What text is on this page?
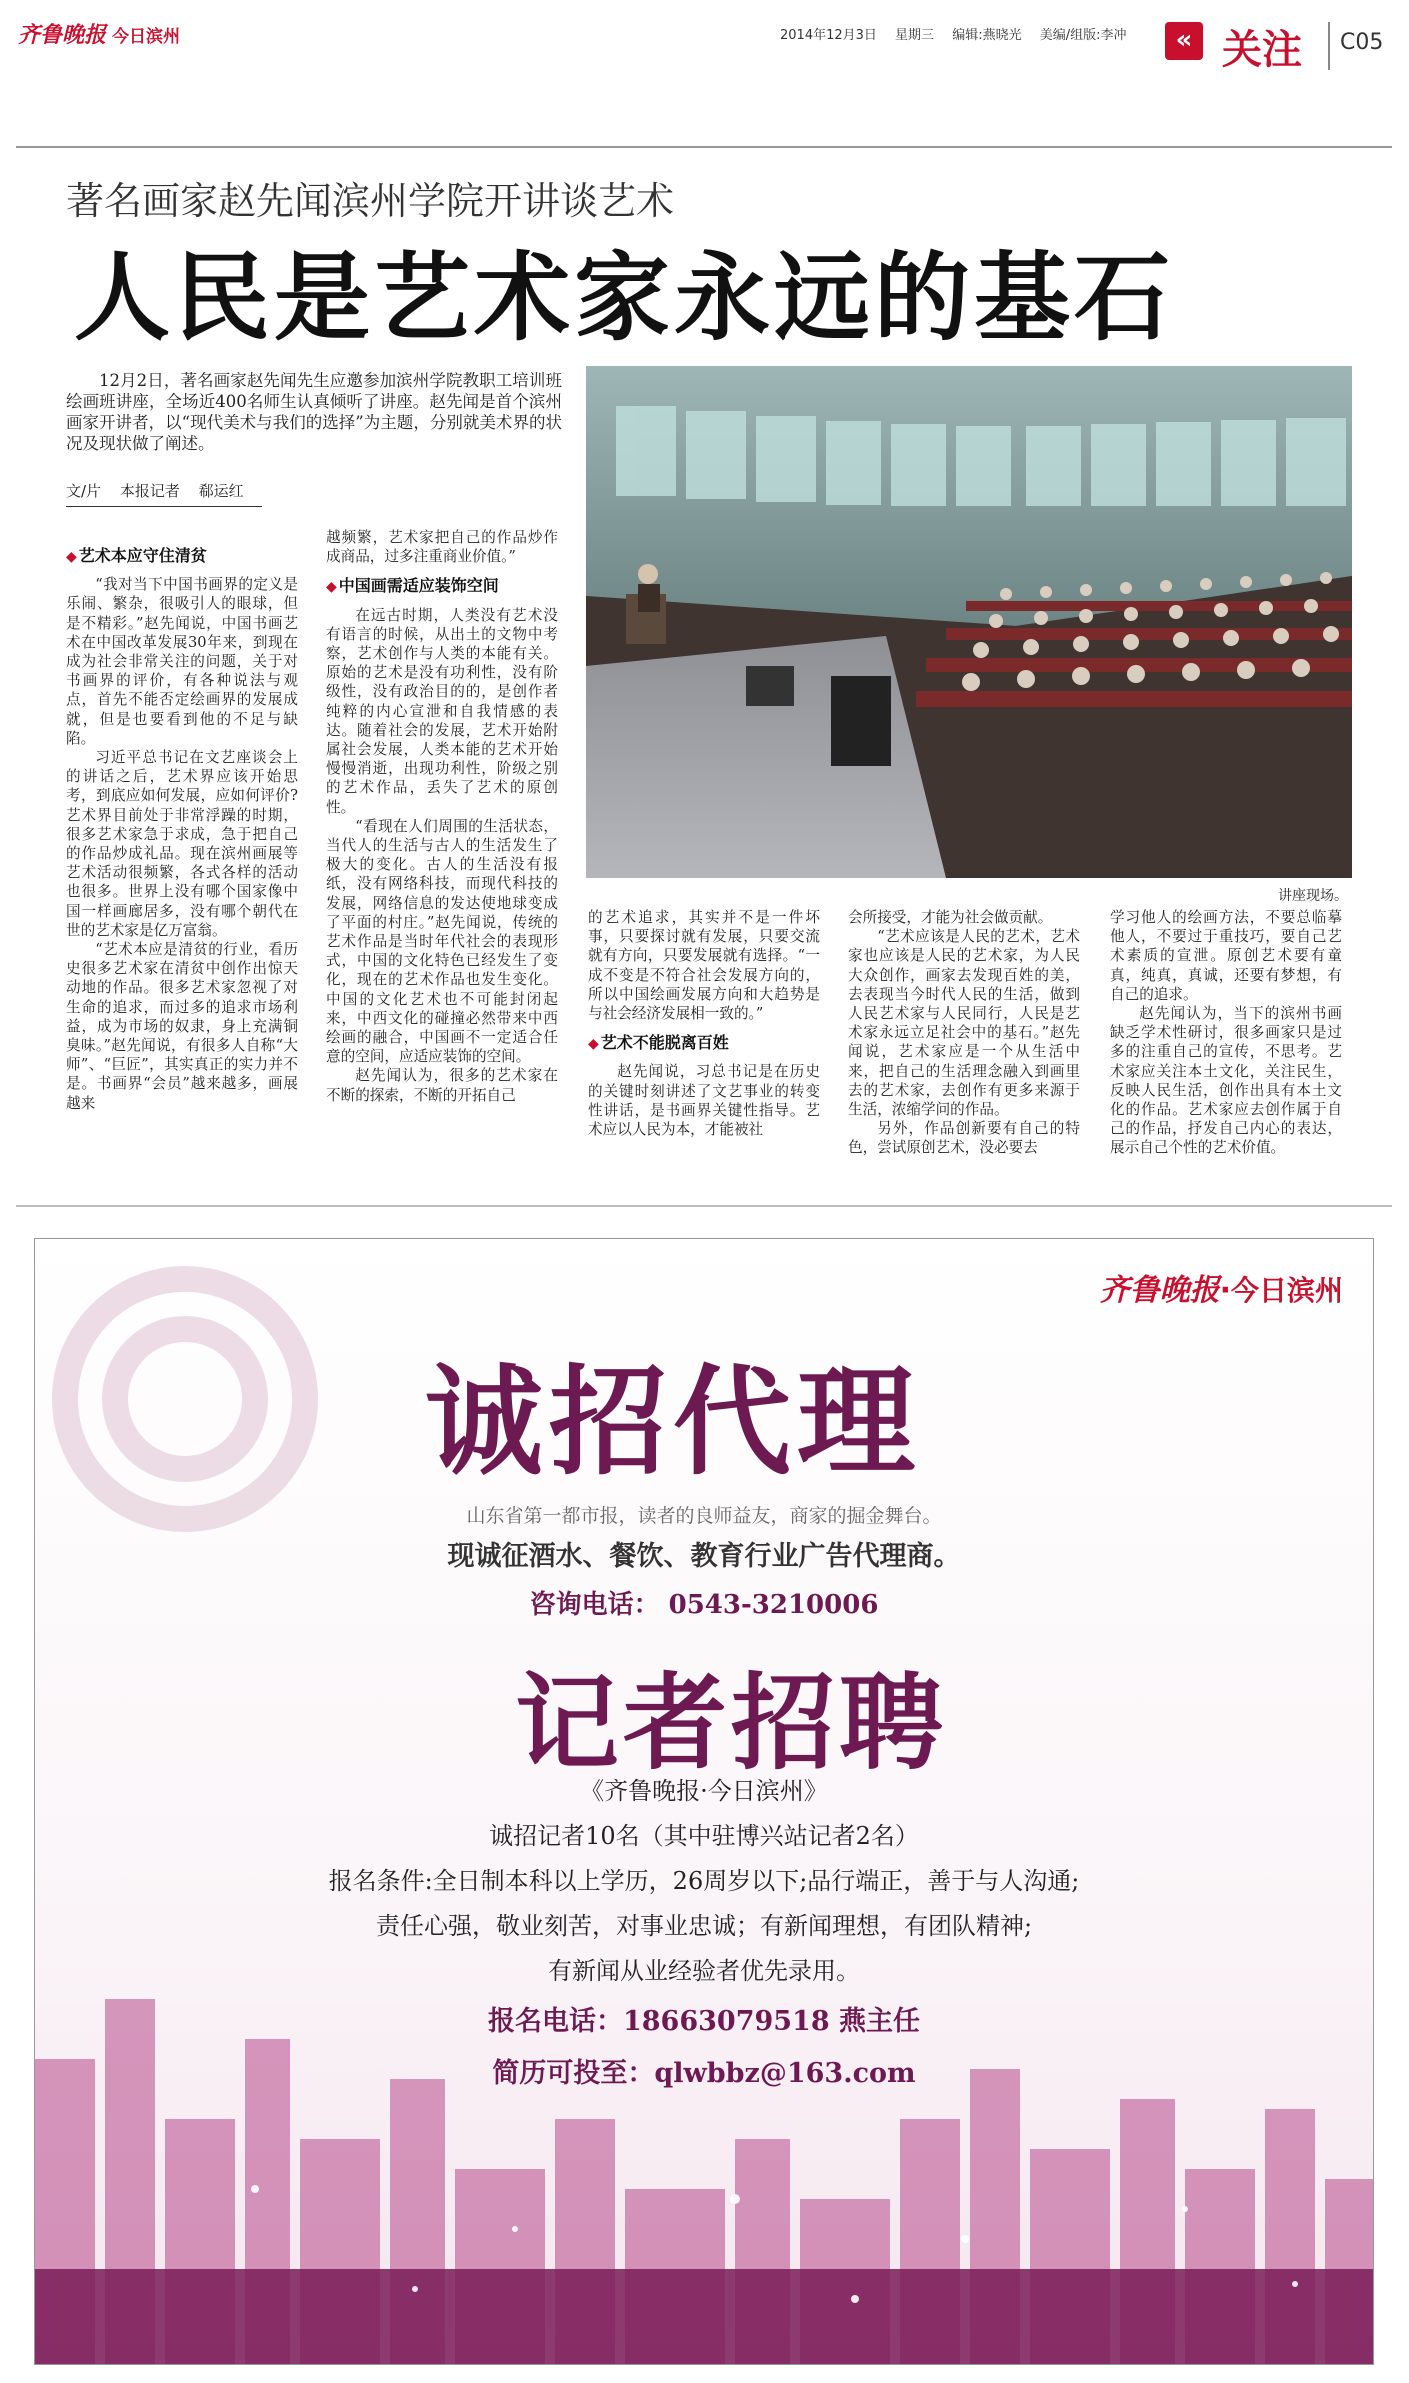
齐鲁晚报 今日滨州	2014年12月3日 星期三 编辑:燕晓光 美编/组版:李冲	« 关注 C05
著名画家赵先闻滨州学院开讲谈艺术
人民是艺术家永远的基石
12月2日，著名画家赵先闻先生应邀参加滨州学院教职工培训班绘画班讲座，全场近400名师生认真倾听了讲座。赵先闻是首个滨州画家开讲者，以“现代美术与我们的选择”为主题，分别就美术界的状况及现状做了阐述。
文/片 本报记者 郗运红
讲座现场。
◆ 艺术本应守住清贫

“我对当下中国书画界的定义是乐闹、繁杂，很吸引人的眼球，但是不精彩。”赵先闻说，中国书画艺术在中国改革发展30年来，到现在成为社会非常关注的问题，关于对书画界的评价，有各种说法与观点，首先不能否定绘画界的发展成就，但是也要看到他的不足与缺陷。

习近平总书记在文艺座谈会上的讲话之后，艺术界应该开始思考，到底应如何发展，应如何评价?艺术界目前处于非常浮躁的时期，很多艺术家急于求成，急于把自己的作品炒成礼品。现在滨州画展等艺术活动很频繁，各式各样的活动也很多。世界上没有哪个国家像中国一样画廊居多，没有哪个朝代在世的艺术家是亿万富翁。

“艺术本应是清贫的行业，看历史很多艺术家在清贫中创作出惊天动地的作品。很多艺术家忽视了对生命的追求，而过多的追求市场利益，成为市场的奴隶，身上充满铜臭味。”赵先闻说，有很多人自称“大师”、“巨匠”，其实真正的实力并不是。书画界“会员”越来越多，画展越来

越频繁，艺术家把自己的作品炒作成商品，过多注重商业价值。”

◆ 中国画需适应装饰空间

在远古时期，人类没有艺术没有语言的时候，从出土的文物中考察，艺术创作与人类的本能有关。原始的艺术是没有功利性，没有阶级性，没有政治目的的，是创作者纯粹的内心宣泄和自我情感的表达。随着社会的发展，艺术开始附属社会发展，人类本能的艺术开始慢慢消逝，出现功利性，阶级之别的艺术作品，丢失了艺术的原创性。

“看现在人们周围的生活状态，当代人的生活与古人的生活发生了极大的变化。古人的生活没有报纸，没有网络科技，而现代科技的发展，网络信息的发达使地球变成了平面的村庄。”赵先闻说，传统的艺术作品是当时年代社会的表现形式，中国的文化特色已经发生了变化，现在的艺术作品也发生变化。中国的文化艺术也不可能封闭起来，中西文化的碰撞必然带来中西绘画的融合，中国画不一定适合任意的空间，应适应装饰的空间。

赵先闻认为，很多的艺术家在不断的探索，不断的开拓自己

的艺术追求，其实并不是一件坏事，只要探讨就有发展，只要交流就有方向，只要发展就有选择。“一成不变是不符合社会发展方向的，所以中国绘画发展方向和大趋势是与社会经济发展相一致的。”

◆ 艺术不能脱离百姓

赵先闻说，习总书记是在历史的关键时刻讲述了文艺事业的转变性讲话，是书画界关键性指导。艺术应以人民为本，才能被社

会所接受，才能为社会做贡献。

“艺术应该是人民的艺术，艺术家也应该是人民的艺术家，为人民大众创作，画家去发现百姓的美，去表现当今时代人民的生活，做到人民艺术家与人民同行，人民是艺术家永远立足社会中的基石。”赵先闻说，艺术家应是一个从生活中来，把自己的生活理念融入到画里去的艺术家，去创作有更多来源于生活，浓缩学问的作品。

另外，作品创新要有自己的特色，尝试原创艺术，没必要去

学习他人的绘画方法，不要总临摹他人，不要过于重技巧，要自己艺术素质的宣泄。原创艺术要有童真，纯真，真诚，还要有梦想，有自己的追求。

赵先闻认为，当下的滨州书画缺乏学术性研讨，很多画家只是过多的注重自己的宣传，不思考。艺术家应关注本土文化，关注民生，反映人民生活，创作出具有本土文化的作品。艺术家应去创作属于自己的作品，抒发自己内心的表达，展示自己个性的艺术价值。

齐鲁晚报·今日滨州
诚招代理
山东省第一都市报，读者的良师益友，商家的掘金舞台。
现诚征酒水、餐饮、教育行业广告代理商。
咨询电话： 0543-3210006
记者招聘
《齐鲁晚报·今日滨州》
诚招记者10名（其中驻博兴站记者2名）
报名条件:全日制本科以上学历，26周岁以下;品行端正，善于与人沟通;
责任心强，敬业刻苦，对事业忠诚；有新闻理想，有团队精神;
有新闻从业经验者优先录用。
报名电话：18663079518 燕主任
简历可投至：qlwbbz@163.com
